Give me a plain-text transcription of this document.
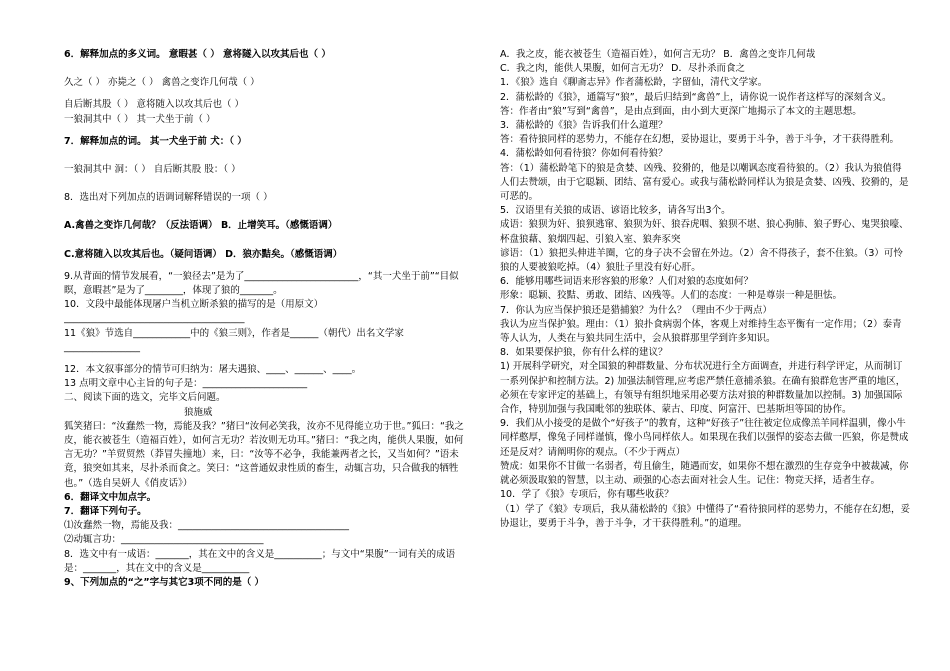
6．解释加点的多义词。 意暇甚（ ） 意将隧入以攻其后也（ ）
久之（ ） 亦毙之（ ） 禽兽之变诈几何哉（ ）
自后断其股（ ） 意将随入以攻其后也（ ）
一狼洞其中（ ） 其一犬坐于前（ ）
7．解释加点的词。 其一犬坐于前 犬：（ ）
一狼洞其中 洞：（ ） 自后断其股 股：（ ）
8．选出对下列加点的语调词解释错误的一项（ ）
A.禽兽之变诈几何哉？（反法语调） B．止增笑耳。（感慨语调）
C.意将随入以攻其后也。（疑问语调） D．狼亦黠矣。（感慨语调）
9.从背面的情节发展看，“一狼径去”是为了________________________，“其一犬坐于前”“目似瞑，意暇甚”是为了________，体现了狼的_______。
10．文段中最能体现屠户当机立断杀狼的描写的是（用原文）
______________________________________
11《狼》节选自____________中的《狼三则》，作者是______（朝代）出名文学家________________
12．本文叙事部分的情节可归纳为：屠夫遇狼、____、______、____。
13 点明文章中心主旨的句子是：______________________
二、阅读下面的选文，完毕文后问题。
狼施威
狐笑猪曰：“汝蠢然一物，焉能及我？”猪曰“汝何必笑我，汝亦不见得能立功于世。”狐曰：“我之皮，能衣被苍生（造福百姓），如何言无功？若汝则无功耳。”猪曰：“我之肉，能供人果腹，如何言无功？”羊贸贸然（莽冒失撞地）来，曰：“汝等不必争，我能兼两者之长，又当如何？”语未竟，狼突如其来，尽扑杀而食之。笑曰：“这普通奴隶性质的畜生，动辄言功，只合做我的牺牲也。”（选自吴妍人《俏皮话》）
6．翻译文中加点字。
7．翻译下列句子。
⑴汝蠢然一物，焉能及我：____________________________________
⑵动辄言功：______________________________
8．选文中有一成语：_______，其在文中的含义是__________；与文中“果腹”一词有关的成语是：_______，其在文中的含义是__________
9、下列加点的“之”字与其它3项不同的是（ ）
A．我之皮，能衣被苍生（造福百姓），如何言无功？ B．禽兽之变诈几何哉
C．我之肉，能供人果腹，如何言无功？ D．尽扑杀而食之
1．《狼》选自《聊斋志异》作者蒲松龄，字留仙，清代文学家。
2．蒲松龄的《狼》，通篇写“狼”，最后归结到“禽兽”上，请你说一说作者这样写的深刻含义。
答：作者由“狼”写到“禽兽”，是由点到面，由小到大更深广地揭示了本文的主题思想。
3．蒲松龄的《狼》告诉我们什么道理？
答：看待狼同样的恶势力，不能存在幻想，妥协退让，要勇于斗争，善于斗争，才干获得胜利。
4．蒲松龄如何看待狼？你如何看待狼？
答：（1）蒲松龄笔下的狼是贪婪、凶残、狡猾的，他是以嘲讽态度看待狼的。（2）我认为狼值得人们去赞颂，由于它聪颖、团结、富有爱心。或我与蒲松龄同样认为狼是贪婪、凶残、狡猾的，是可恶的。
5．汉语里有关狼的成语、谚语比较多，请各写出3个。
成语：狼狈为奸、狼狈逃窜、狼狈为奸、狼吞虎咽、狼狈不堪、狼心狗肺、狼子野心、鬼哭狼嚎、杯盘狼藉、狼烟四起、引狼入室、狼奔豕突
谚语：（1）狼把头伸进羊圈，它的身子决不会留在外边。（2）舍不得孩子，套不住狼。（3）可怜狼的人要被狼吃掉。（4）狼肚子里没有好心肝。
6．能够用哪些词语来形容狼的形象？人们对狼的态度如何？
形象：聪颖、狡黠、勇敢、团结、凶残等。人们的态度：一种是尊崇一种是胆怯。
7．你认为应当保护狼还是猎捕狼？为什么？（理由不少于两点）
我认为应当保护狼。理由：（1）狼扑食病弱个体，客观上对维持生态平衡有一定作用；（2）泰青等人认为，人类在与狼共同生活中，会从狼群那里学到许多知识。
8．如果要保护狼，你有什么样的建议？
1) 开展科学研究，对全国狼的种群数量、分布状况进行全方面调查，并进行科学评定，从而制订一系列保护和控制方法。2) 加强法制管理,应考虑严禁任意捕杀狼。在确有狼群危害严重的地区，必须在专家评定的基础上，有领导有组织地采用必要方法对狼的种群数量加以控制。3) 加强国际合作，特别加强与我国毗邻的独联体、蒙古、印度、阿富汗、巴基斯坦等国的协作。
9．我们从小接受的是做个“好孩子”的教育，这种“好孩子”往往被定位成像羔羊同样温驯，像小牛同样憨厚，像兔子同样谨慎，像小鸟同样依人。如果现在我们以强悍的姿态去做一匹狼，你是赞成还是反对？请阐明你的观点。（不少于两点）
赞成：如果你不甘做一名弱者，苟且偷生，随遇而安，如果你不想在激烈的生存竞争中被裁减，你就必须汲取狼的智慧，以主动、顽强的心态去面对社会人生。记住：物竞天择，适者生存。
10．学了《狼》专项后，你有哪些收获？
（1）学了《狼》专项后，我从蒲松龄的《狼》中懂得了“看待狼同样的恶势力，不能存在幻想，妥协退让，要勇于斗争，善于斗争，才干获得胜利。”的道理。
